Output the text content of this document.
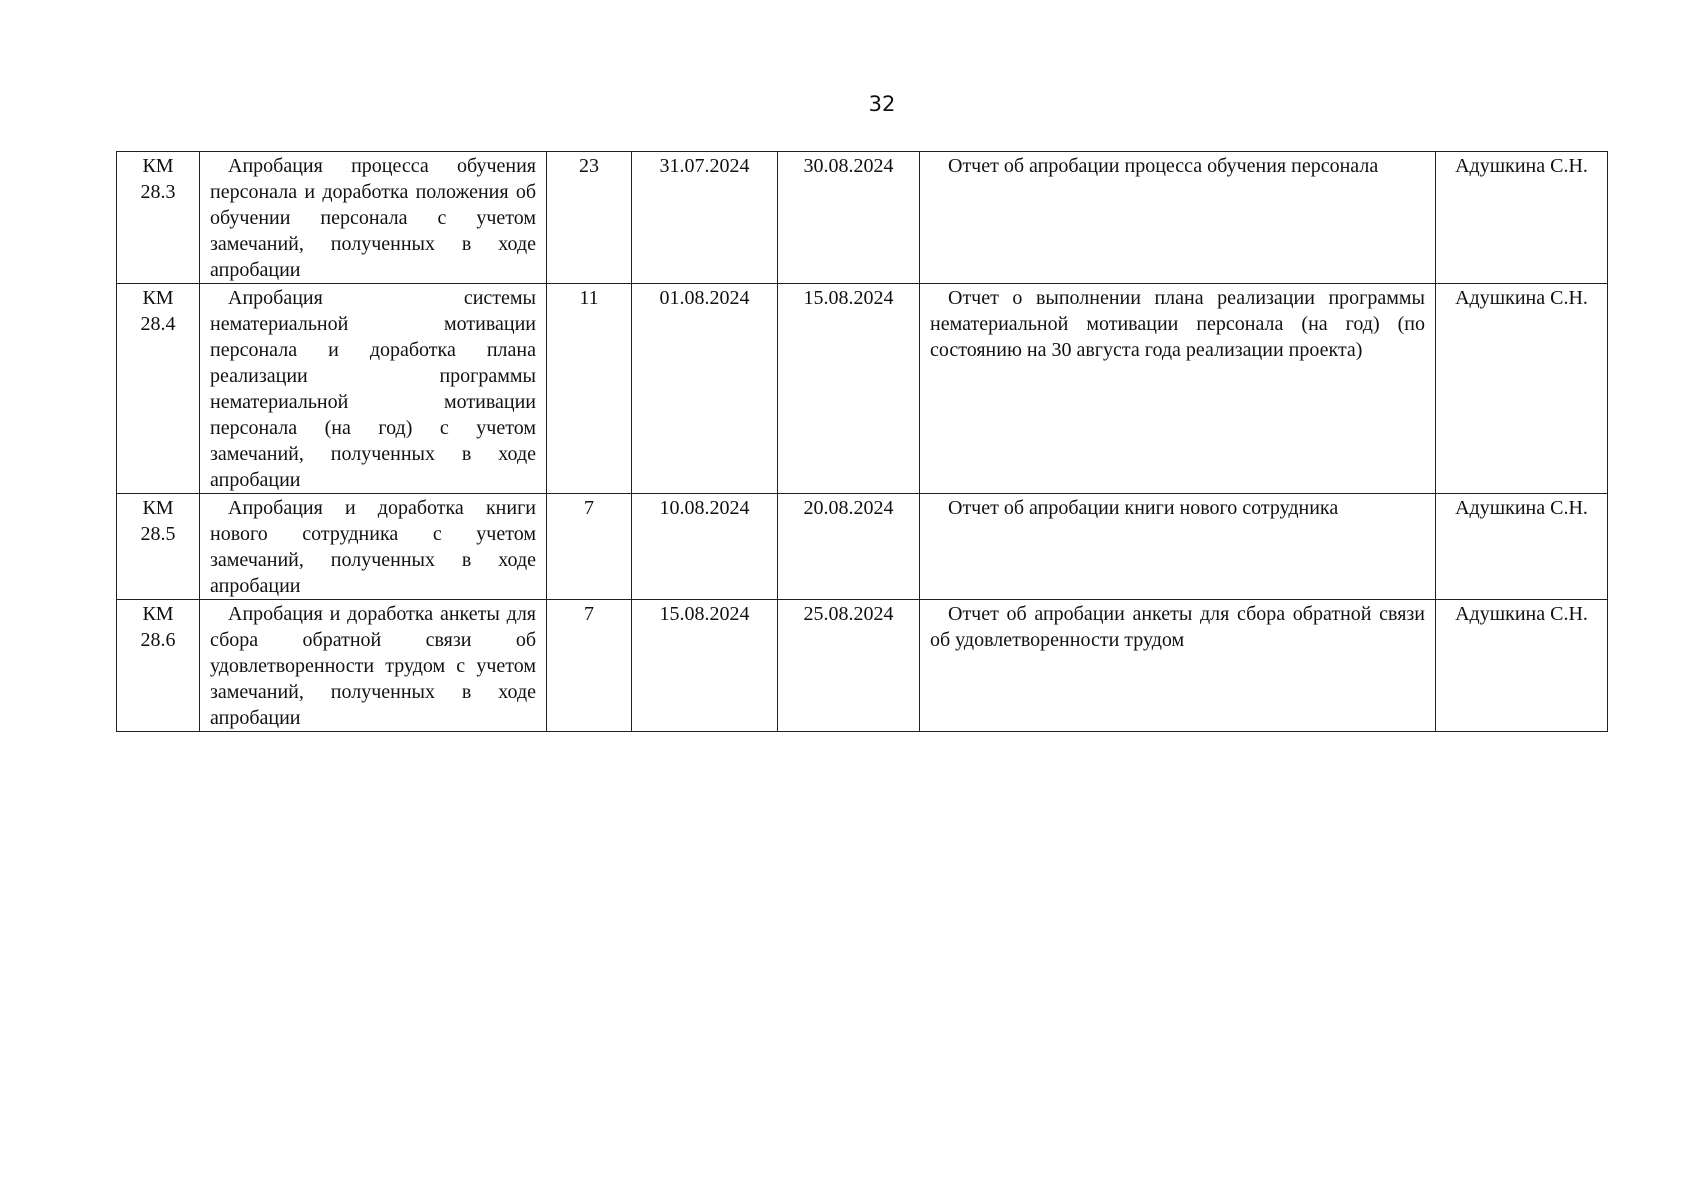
32
КМ 28.3	Апробация процесса обучения персонала и доработка положения об обучении персонала с учетом замечаний, полученных в ходе апробации	23	31.07.2024	30.08.2024	Отчет об апробации процесса обучения персонала	Адушкина С.Н.
КМ 28.4	Апробация системы нематериальной мотивации персонала и доработка плана реализации программы нематериальной мотивации персонала (на год) с учетом замечаний, полученных в ходе апробации	11	01.08.2024	15.08.2024	Отчет о выполнении плана реализации программы нематериальной мотивации персонала (на год) (по состоянию на 30 августа года реализации проекта)	Адушкина С.Н.
КМ 28.5	Апробация и доработка книги нового сотрудника с учетом замечаний, полученных в ходе апробации	7	10.08.2024	20.08.2024	Отчет об апробации книги нового сотрудника	Адушкина С.Н.
КМ 28.6	Апробация и доработка анкеты для сбора обратной связи об удовлетворенности трудом с учетом замечаний, полученных в ходе апробации	7	15.08.2024	25.08.2024	Отчет об апробации анкеты для сбора обратной связи об удовлетворенности трудом	Адушкина С.Н.
